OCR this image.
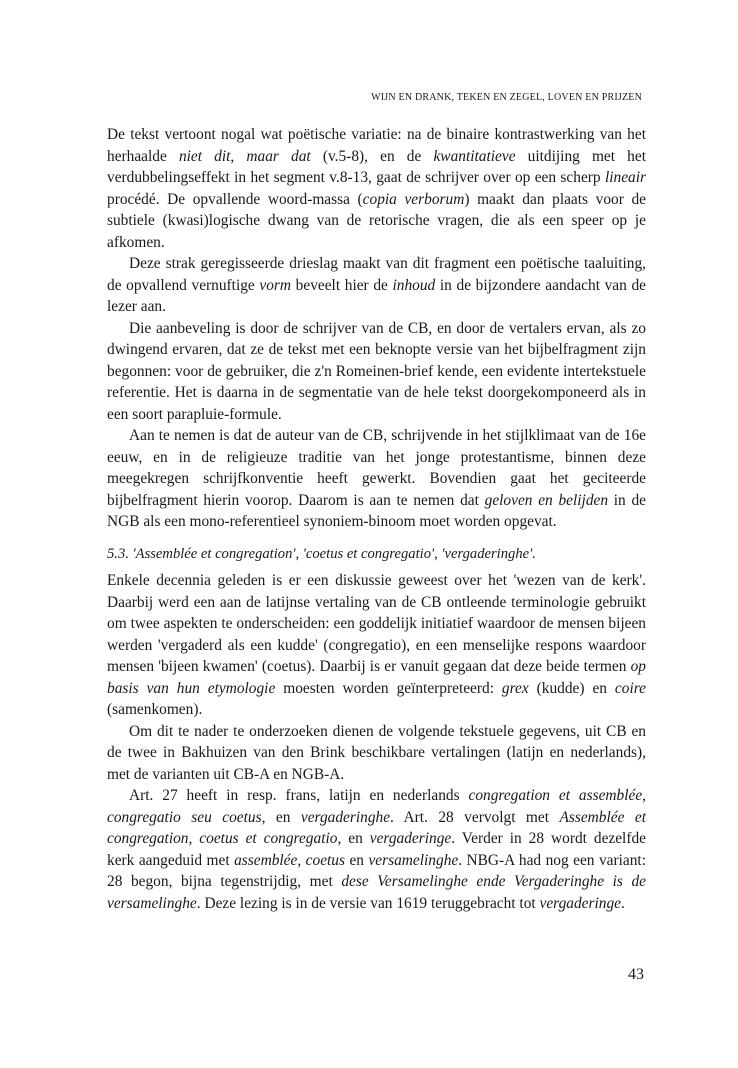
WIJN EN DRANK, TEKEN EN ZEGEL, LOVEN EN PRIJZEN

De tekst vertoont nogal wat poëtische variatie: na de binaire kontrastwerking van het herhaalde niet dit, maar dat (v.5-8), en de kwantitatieve uitdijing met het verdubbelingseffekt in het segment v.8-13, gaat de schrijver over op een scherp lineair procédé. De opvallende woord-massa (copia verborum) maakt dan plaats voor de subtiele (kwasi)logische dwang van de retorische vragen, die als een speer op je afkomen.

Deze strak geregisseerde drieslag maakt van dit fragment een poëtische taaluiting, de opvallend vernuftige vorm beveelt hier de inhoud in de bijzondere aandacht van de lezer aan.

Die aanbeveling is door de schrijver van de CB, en door de vertalers ervan, als zo dwingend ervaren, dat ze de tekst met een beknopte versie van het bijbelfragment zijn begonnen: voor de gebruiker, die z'n Romeinen-brief kende, een evidente intertekstuele referentie. Het is daarna in de segmentatie van de hele tekst doorgekomponeerd als in een soort parapluie-formule.

Aan te nemen is dat de auteur van de CB, schrijvende in het stijlklimaat van de 16e eeuw, en in de religieuze traditie van het jonge protestantisme, binnen deze meegekregen schrijfkonventie heeft gewerkt. Bovendien gaat het geciteerde bijbelfragment hierin voorop. Daarom is aan te nemen dat geloven en belijden in de NGB als een mono-referentieel synoniem-binoom moet worden opgevat.

5.3. 'Assemblée et congregation', 'coetus et congregatio', 'vergaderinghe'.

Enkele decennia geleden is er een diskussie geweest over het 'wezen van de kerk'. Daarbij werd een aan de latijnse vertaling van de CB ontleende terminologie gebruikt om twee aspekten te onderscheiden: een goddelijk initiatief waardoor de mensen bijeen werden 'vergaderd als een kudde' (congregatio), en een menselijke respons waardoor mensen 'bijeen kwamen' (coetus). Daarbij is er vanuit gegaan dat deze beide termen op basis van hun etymologie moesten worden geïnterpreteerd: grex (kudde) en coire (samenkomen).

Om dit te nader te onderzoeken dienen de volgende tekstuele gegevens, uit CB en de twee in Bakhuizen van den Brink beschikbare vertalingen (latijn en nederlands), met de varianten uit CB-A en NGB-A.

Art. 27 heeft in resp. frans, latijn en nederlands congregation et assemblée, congregatio seu coetus, en vergaderinghe. Art. 28 vervolgt met Assemblée et congregation, coetus et congregatio, en vergaderinge. Verder in 28 wordt dezelfde kerk aangeduid met assemblée, coetus en versamelinghe. NBG-A had nog een variant: 28 begon, bijna tegenstrijdig, met dese Versamelinghe ende Vergaderinghe is de versamelinghe. Deze lezing is in de versie van 1619 teruggebracht tot vergaderinge.

43
